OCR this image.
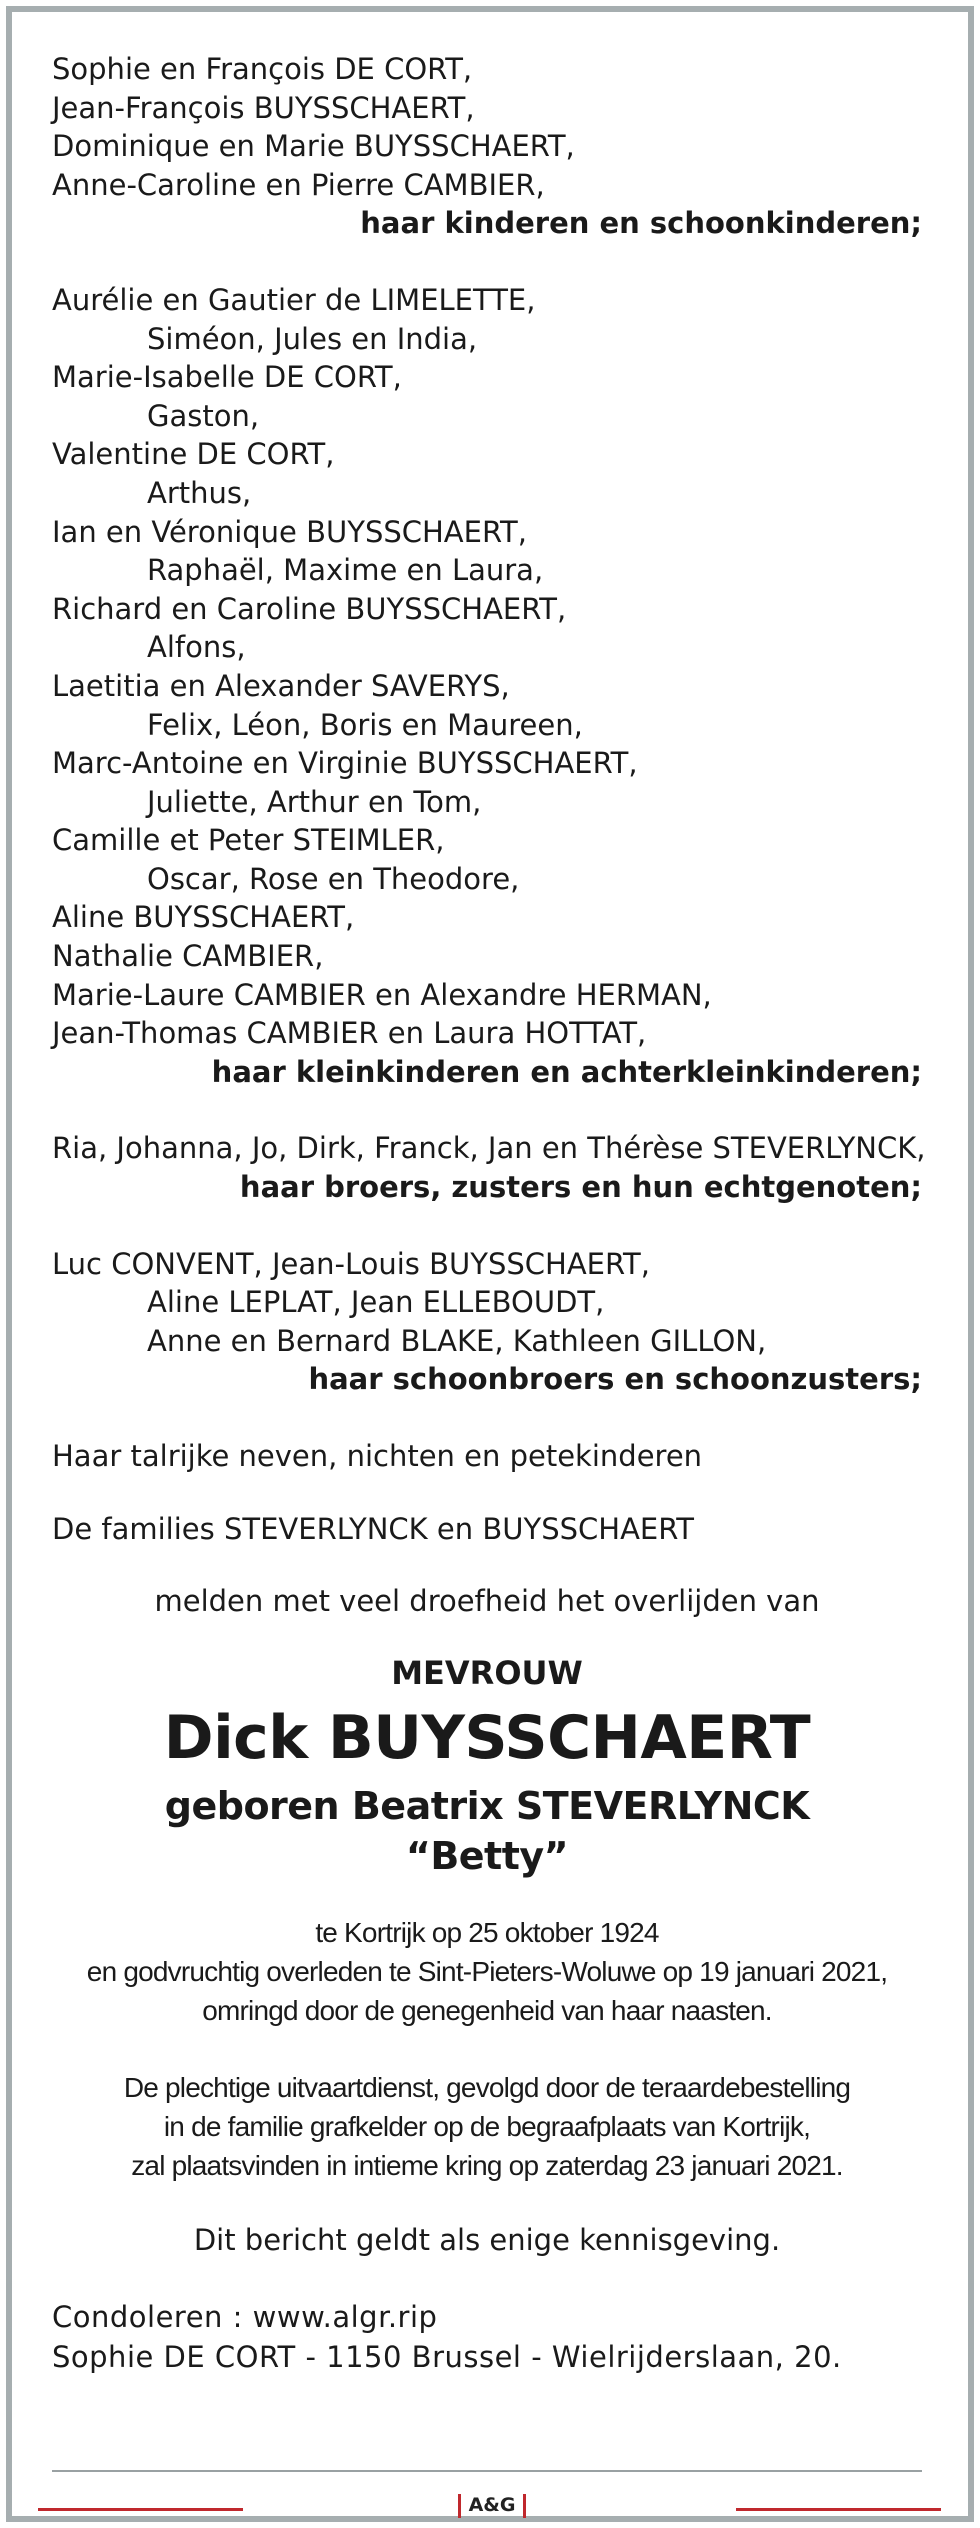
Sophie en François DE CORT,
Jean-François BUYSSCHAERT,
Dominique en Marie BUYSSCHAERT,
Anne-Caroline en Pierre CAMBIER,
haar kinderen en schoonkinderen;
Aurélie en Gautier de LIMELETTE,
Siméon, Jules en India,
Marie-Isabelle DE CORT,
Gaston,
Valentine DE CORT,
Arthus,
Ian en Véronique BUYSSCHAERT,
Raphaël, Maxime en Laura,
Richard en Caroline BUYSSCHAERT,
Alfons,
Laetitia en Alexander SAVERYS,
Felix, Léon, Boris en Maureen,
Marc-Antoine en Virginie BUYSSCHAERT,
Juliette, Arthur en Tom,
Camille et Peter STEIMLER,
Oscar, Rose en Theodore,
Aline BUYSSCHAERT,
Nathalie CAMBIER,
Marie-Laure CAMBIER en Alexandre HERMAN,
Jean-Thomas CAMBIER en Laura HOTTAT,
haar kleinkinderen en achterkleinkinderen;
Ria, Johanna, Jo, Dirk, Franck, Jan en Thérèse STEVERLYNCK,
haar broers, zusters en hun echtgenoten;
Luc CONVENT, Jean-Louis BUYSSCHAERT,
Aline LEPLAT, Jean ELLEBOUDT,
Anne en Bernard BLAKE, Kathleen GILLON,
haar schoonbroers en schoonzusters;
Haar talrijke neven, nichten en petekinderen
De families STEVERLYNCK en BUYSSCHAERT
melden met veel droefheid het overlijden van
MEVROUW
Dick BUYSSCHAERT
geboren Beatrix STEVERLYNCK
“Betty”
te Kortrijk op 25 oktober 1924
en godvruchtig overleden te Sint-Pieters-Woluwe op 19 januari 2021,
omringd door de genegenheid van haar naasten.
De plechtige uitvaartdienst, gevolgd door de teraardebestelling
in de familie grafkelder op de begraafplaats van Kortrijk,
zal plaatsvinden in intieme kring op zaterdag 23 januari 2021.
Dit bericht geldt als enige kennisgeving.
Condoleren : www.algr.rip
Sophie DE CORT - 1150 Brussel - Wielrijderslaan, 20.
A&G
